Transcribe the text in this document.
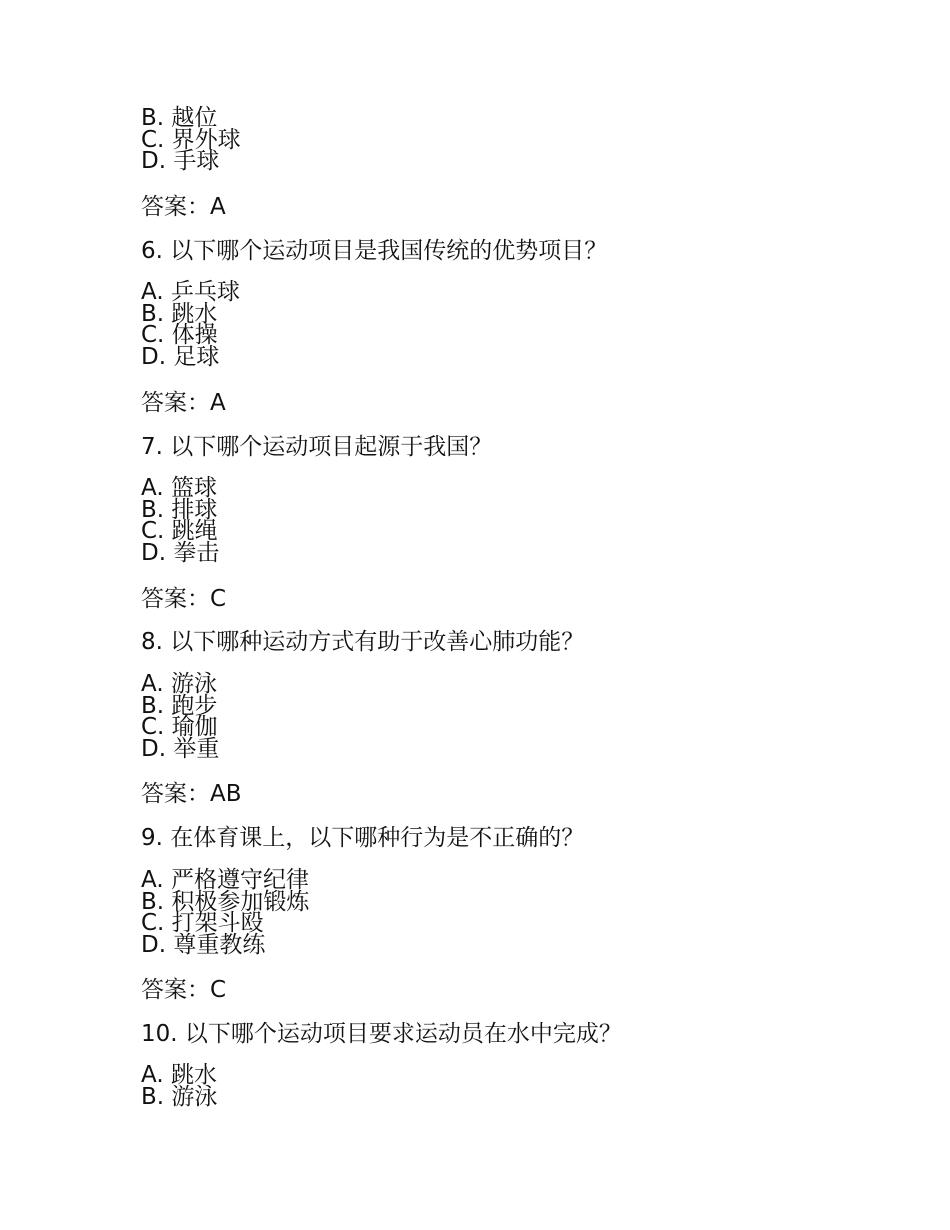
B. 越位
C. 界外球
D. 手球
答案：A
6. 以下哪个运动项目是我国传统的优势项目？
A. 乒乓球
B. 跳水
C. 体操
D. 足球
答案：A
7. 以下哪个运动项目起源于我国？
A. 篮球
B. 排球
C. 跳绳
D. 拳击
答案：C
8. 以下哪种运动方式有助于改善心肺功能？
A. 游泳
B. 跑步
C. 瑜伽
D. 举重
答案：AB
9. 在体育课上，以下哪种行为是不正确的？
A. 严格遵守纪律
B. 积极参加锻炼
C. 打架斗殴
D. 尊重教练
答案：C
10. 以下哪个运动项目要求运动员在水中完成？
A. 跳水
B. 游泳
